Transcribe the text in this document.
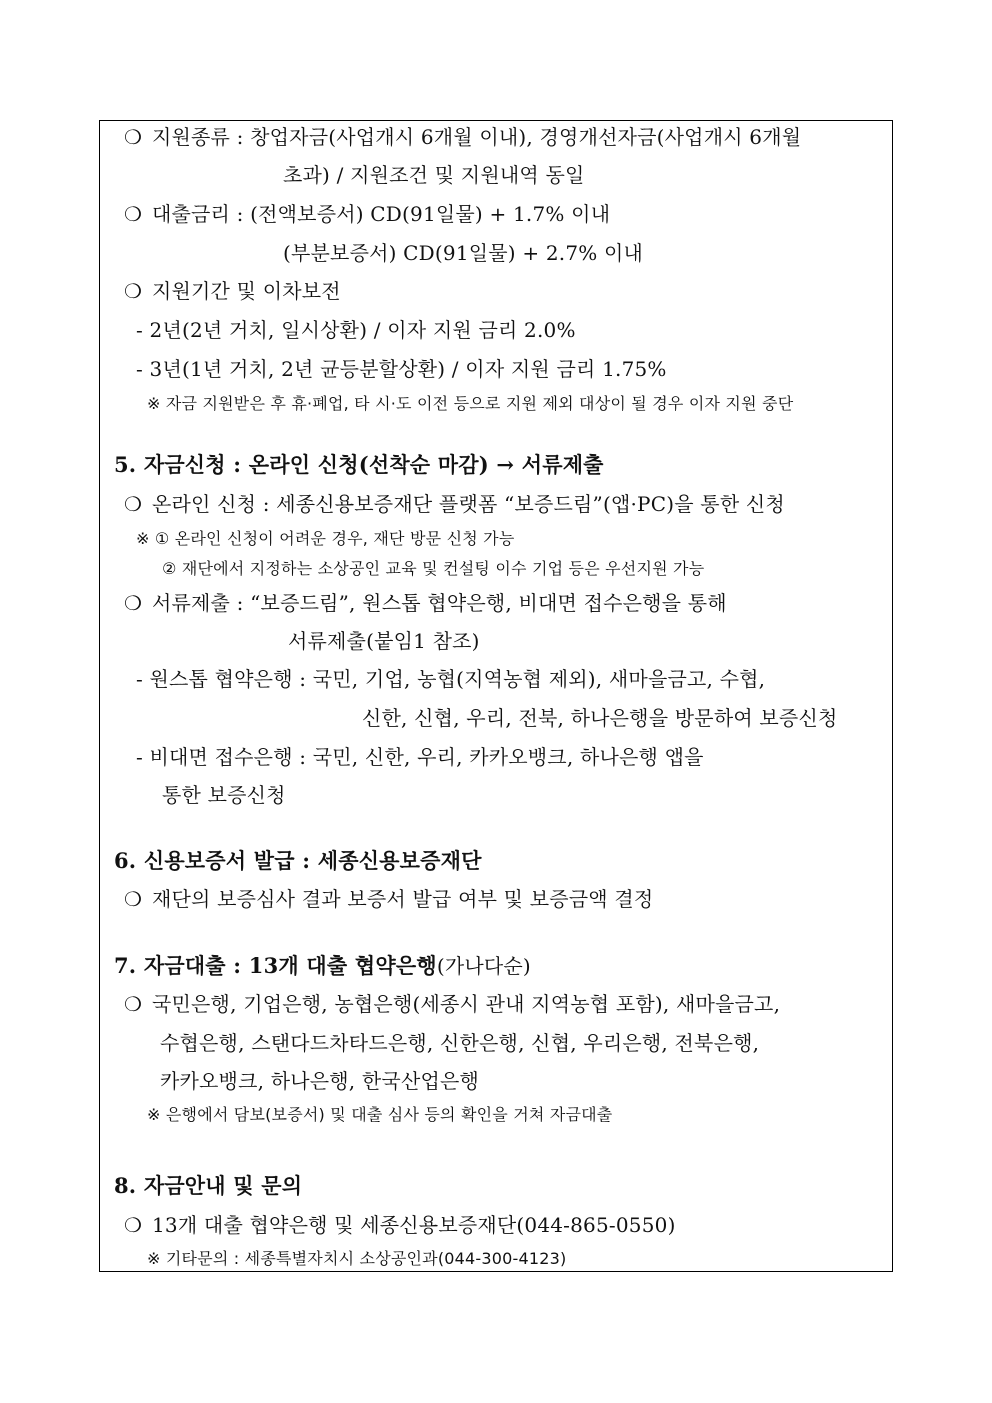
❍ 지원종류 : 창업자금(사업개시 6개월 이내), 경영개선자금(사업개시 6개월
초과) / 지원조건 및 지원내역 동일
❍ 대출금리 : (전액보증서) CD(91일물) + 1.7% 이내
(부분보증서) CD(91일물) + 2.7% 이내
❍ 지원기간 및 이차보전
- 2년(2년 거치, 일시상환) / 이자 지원 금리 2.0%
- 3년(1년 거치, 2년 균등분할상환) / 이자 지원 금리 1.75%
※ 자금 지원받은 후 휴·폐업, 타 시·도 이전 등으로 지원 제외 대상이 될 경우 이자 지원 중단
5. 자금신청 : 온라인 신청(선착순 마감) → 서류제출
❍ 온라인 신청 : 세종신용보증재단 플랫폼 “보증드림”(앱·PC)을 통한 신청
※ ① 온라인 신청이 어려운 경우, 재단 방문 신청 가능
② 재단에서 지정하는 소상공인 교육 및 컨설팅 이수 기업 등은 우선지원 가능
❍ 서류제출 : “보증드림”, 원스톱 협약은행, 비대면 접수은행을 통해
서류제출(붙임1 참조)
- 원스톱 협약은행 : 국민, 기업, 농협(지역농협 제외), 새마을금고, 수협,
신한, 신협, 우리, 전북, 하나은행을 방문하여 보증신청
- 비대면 접수은행 : 국민, 신한, 우리, 카카오뱅크, 하나은행 앱을
통한 보증신청
6. 신용보증서 발급 : 세종신용보증재단
❍ 재단의 보증심사 결과 보증서 발급 여부 및 보증금액 결정
7. 자금대출 : 13개 대출 협약은행(가나다순)
❍ 국민은행, 기업은행, 농협은행(세종시 관내 지역농협 포함), 새마을금고,
수협은행, 스탠다드차타드은행, 신한은행, 신협, 우리은행, 전북은행,
카카오뱅크, 하나은행, 한국산업은행
※ 은행에서 담보(보증서) 및 대출 심사 등의 확인을 거쳐 자금대출
8. 자금안내 및 문의
❍ 13개 대출 협약은행 및 세종신용보증재단(044-865-0550)
※ 기타문의 : 세종특별자치시 소상공인과(044-300-4123)
